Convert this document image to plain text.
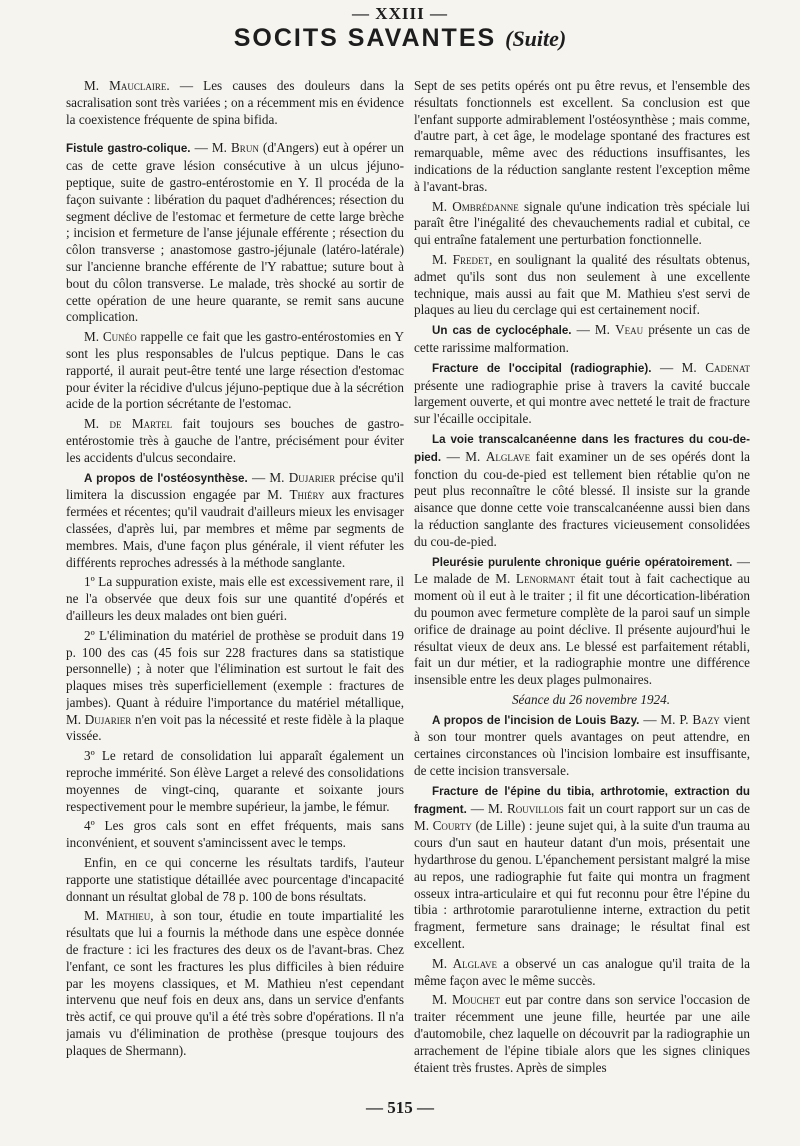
— XXIII —
SOCITS SAVANTES (Suite)

M. Mauclaire. — Les causes des douleurs dans la sacralisation sont très variées ; on a récemment mis en évidence la coexistence fréquente de spina bifida.

Fistule gastro-colique. — M. Brun (d'Angers) eut à opérer un cas de cette grave lésion consécutive à un ulcus jéjuno-peptique, suite de gastro-entérostomie en Y. Il procéda de la façon suivante : libération du paquet d'adhérences; résection du segment déclive de l'estomac et fermeture de cette large brèche ; incision et fermeture de l'anse jéjunale efférente ; résection du côlon transverse ; anastomose gastro-jéjunale (latéro-latérale) sur l'ancienne branche efférente de l'Y rabattue; suture bout à bout du côlon transverse. Le malade, très shocké au sortir de cette opération de une heure quarante, se remit sans aucune complication.

M. Cunéo rappelle ce fait que les gastro-entérostomies en Y sont les plus responsables de l'ulcus peptique. Dans le cas rapporté, il aurait peut-être tenté une large résection d'estomac pour éviter la récidive d'ulcus jéjuno-peptique due à la sécrétion acide de la portion sécrétante de l'estomac.

M. de Martel fait toujours ses bouches de gastro-entérostomie très à gauche de l'antre, précisément pour éviter les accidents d'ulcus secondaire.

A propos de l'ostéosynthèse. — M. Dujarier précise qu'il limitera la discussion engagée par M. Thiéry aux fractures fermées et récentes; qu'il vaudrait d'ailleurs mieux les envisager classées, d'après lui, par membres et même par segments de membres. Mais, d'une façon plus générale, il vient réfuter les différents reproches adressés à la méthode sanglante.

1º La suppuration existe, mais elle est excessivement rare, il ne l'a observée que deux fois sur une quantité d'opérés et d'ailleurs les deux malades ont bien guéri.

2º L'élimination du matériel de prothèse se produit dans 19 p. 100 des cas (45 fois sur 228 fractures dans sa statistique personnelle) ; à noter que l'élimination est surtout le fait des plaques mises très superficiellement (exemple : fractures de jambes). Quant à réduire l'importance du matériel métallique, M. Dujarier n'en voit pas la nécessité et reste fidèle à la plaque vissée.

3º Le retard de consolidation lui apparaît également un reproche immérité. Son élève Larget a relevé des consolidations moyennes de vingt-cinq, quarante et soixante jours respectivement pour le membre supérieur, la jambe, le fémur.

4º Les gros cals sont en effet fréquents, mais sans inconvénient, et souvent s'amincissent avec le temps.

Enfin, en ce qui concerne les résultats tardifs, l'auteur rapporte une statistique détaillée avec pourcentage d'incapacité donnant un résultat global de 78 p. 100 de bons résultats.

M. Mathieu, à son tour, étudie en toute impartialité les résultats que lui a fournis la méthode dans une espèce donnée de fracture : ici les fractures des deux os de l'avant-bras. Chez l'enfant, ce sont les fractures les plus difficiles à bien réduire par les moyens classiques, et M. Mathieu n'est cependant intervenu que neuf fois en deux ans, dans un service d'enfants très actif, ce qui prouve qu'il a été très sobre d'opérations. Il n'a jamais vu d'élimination de prothèse (presque toujours des plaques de Shermann).

Sept de ses petits opérés ont pu être revus, et l'ensemble des résultats fonctionnels est excellent. Sa conclusion est que l'enfant supporte admirablement l'ostéosynthèse ; mais comme, d'autre part, à cet âge, le modelage spontané des fractures est remarquable, même avec des réductions insuffisantes, les indications de la réduction sanglante restent l'exception même à l'avant-bras.

M. Ombrédanne signale qu'une indication très spéciale lui paraît être l'inégalité des chevauchements radial et cubital, ce qui entraîne fatalement une perturbation fonctionnelle.

M. Fredet, en soulignant la qualité des résultats obtenus, admet qu'ils sont dus non seulement à une excellente technique, mais aussi au fait que M. Mathieu s'est servi de plaques au lieu du cerclage qui est certainement nocif.

Un cas de cyclocéphale. — M. Veau présente un cas de cette rarissime malformation.

Fracture de l'occipital (radiographie). — M. Cadenat présente une radiographie prise à travers la cavité buccale largement ouverte, et qui montre avec netteté le trait de fracture sur l'écaille occipitale.

La voie transcalcanéenne dans les fractures du cou-de-pied. — M. Alglave fait examiner un de ses opérés dont la fonction du cou-de-pied est tellement bien rétablie qu'on ne peut plus reconnaître le côté blessé. Il insiste sur la grande aisance que donne cette voie transcalcanéenne aussi bien dans la réduction sanglante des fractures vicieusement consolidées du cou-de-pied.

Pleurésie purulente chronique guérie opératoirement. — Le malade de M. Lenormant était tout à fait cachectique au moment où il eut à le traiter ; il fit une décortication-libération du poumon avec fermeture complète de la paroi sauf un simple orifice de drainage au point déclive. Il présente aujourd'hui le résultat vieux de deux ans. Le blessé est parfaitement rétabli, fait un dur métier, et la radiographie montre une différence insensible entre les deux plages pulmonaires.

Séance du 26 novembre 1924.

A propos de l'incision de Louis Bazy. — M. P. Bazy vient à son tour montrer quels avantages on peut attendre, en certaines circonstances où l'incision lombaire est insuffisante, de cette incision transversale.

Fracture de l'épine du tibia, arthrotomie, extraction du fragment. — M. Rouvillois fait un court rapport sur un cas de M. Courty (de Lille) : jeune sujet qui, à la suite d'un trauma au cours d'un saut en hauteur datant d'un mois, présentait une hydarthrose du genou. L'épanchement persistant malgré la mise au repos, une radiographie fut faite qui montra un fragment osseux intra-articulaire et qui fut reconnu pour être l'épine du tibia : arthrotomie pararotulienne interne, extraction du petit fragment, fermeture sans drainage; le résultat final est excellent.

M. Alglave a observé un cas analogue qu'il traita de la même façon avec le même succès.

M. Mouchet eut par contre dans son service l'occasion de traiter récemment une jeune fille, heurtée par une aile d'automobile, chez laquelle on découvrit par la radiographie un arrachement de l'épine tibiale alors que les signes cliniques étaient très frustes. Après de simples

— 515 —
